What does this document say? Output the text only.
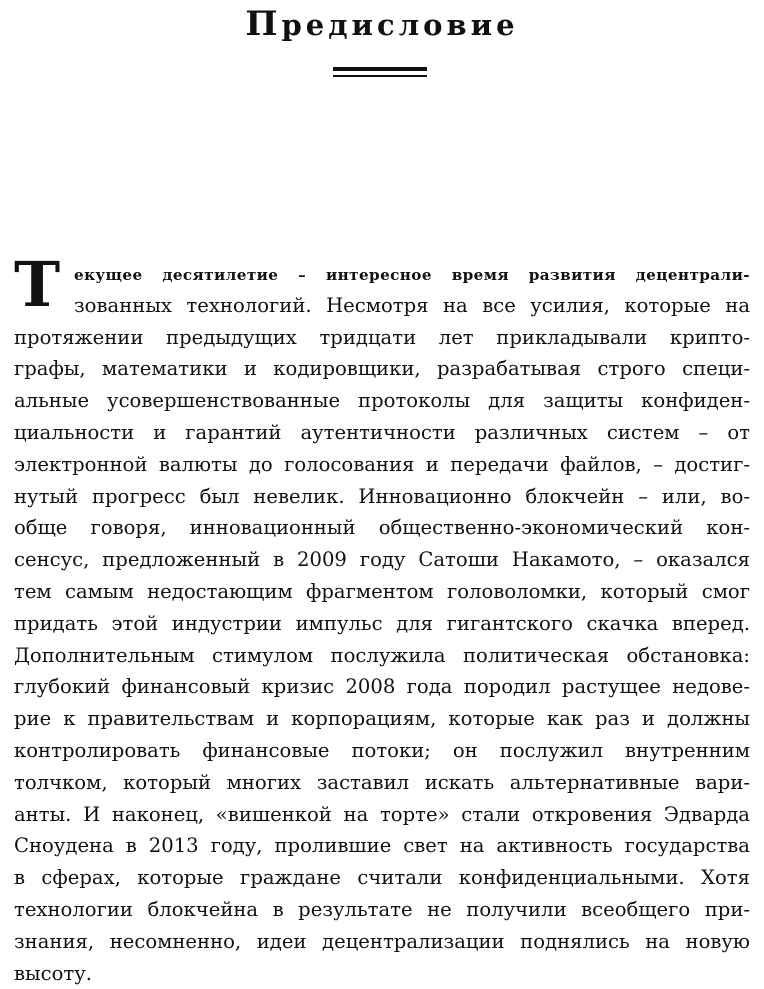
Предисловие
Т екущее десятилетие – интересное время развития децентрали-
зованных технологий. Несмотря на все усилия, которые на
протяжении предыдущих тридцати лет прикладывали крипто-
графы, математики и кодировщики, разрабатывая строго специ-
альные усовершенствованные протоколы для защиты конфиден-
циальности и гарантий аутентичности различных систем – от
электронной валюты до голосования и передачи файлов, – достиг-
нутый прогресс был невелик. Инновационно блокчейн – или, во-
обще говоря, инновационный общественно-экономический кон-
сенсус, предложенный в 2009 году Сатоши Накамото, – оказался
тем самым недостающим фрагментом головоломки, который смог
придать этой индустрии импульс для гигантского скачка вперед.
Дополнительным стимулом послужила политическая обстановка:
глубокий финансовый кризис 2008 года породил растущее недове-
рие к правительствам и корпорациям, которые как раз и должны
контролировать финансовые потоки; он послужил внутренним
толчком, который многих заставил искать альтернативные вари-
анты. И наконец, «вишенкой на торте» стали откровения Эдварда
Сноудена в 2013 году, пролившие свет на активность государства
в сферах, которые граждане считали конфиденциальными. Хотя
технологии блокчейна в результате не получили всеобщего при-
знания, несомненно, идеи децентрализации поднялись на новую
высоту.
